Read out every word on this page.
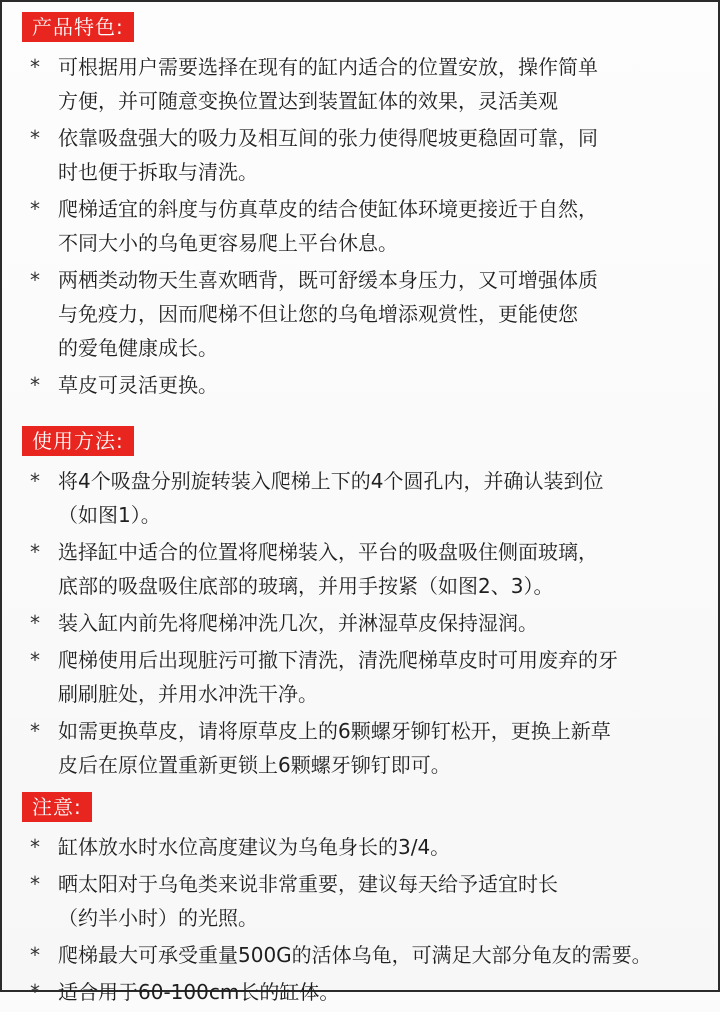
产品特色:
* 可根据用户需要选择在现有的缸内适合的位置安放，操作简单
方便，并可随意变换位置达到装置缸体的效果，灵活美观
* 依靠吸盘强大的吸力及相互间的张力使得爬坡更稳固可靠，同
时也便于拆取与清洗。
* 爬梯适宜的斜度与仿真草皮的结合使缸体环境更接近于自然，
不同大小的乌龟更容易爬上平台休息。
* 两栖类动物天生喜欢晒背，既可舒缓本身压力，又可增强体质
与免疫力，因而爬梯不但让您的乌龟增添观赏性，更能使您
的爱龟健康成长。
* 草皮可灵活更换。
使用方法:
* 将4个吸盘分别旋转装入爬梯上下的4个圆孔内，并确认装到位
（如图1）。
* 选择缸中适合的位置将爬梯装入，平台的吸盘吸住侧面玻璃，
底部的吸盘吸住底部的玻璃，并用手按紧（如图2、3）。
* 装入缸内前先将爬梯冲洗几次，并淋湿草皮保持湿润。
* 爬梯使用后出现脏污可撤下清洗，清洗爬梯草皮时可用废弃的牙
刷刷脏处，并用水冲洗干净。
* 如需更换草皮，请将原草皮上的6颗螺牙铆钉松开，更换上新草
皮后在原位置重新更锁上6颗螺牙铆钉即可。
注意:
* 缸体放水时水位高度建议为乌龟身长的3/4。
* 晒太阳对于乌龟类来说非常重要，建议每天给予适宜时长
（约半小时）的光照。
* 爬梯最大可承受重量500G的活体乌龟，可满足大部分龟友的需要。
* 适合用于60-100cm长的缸体。
